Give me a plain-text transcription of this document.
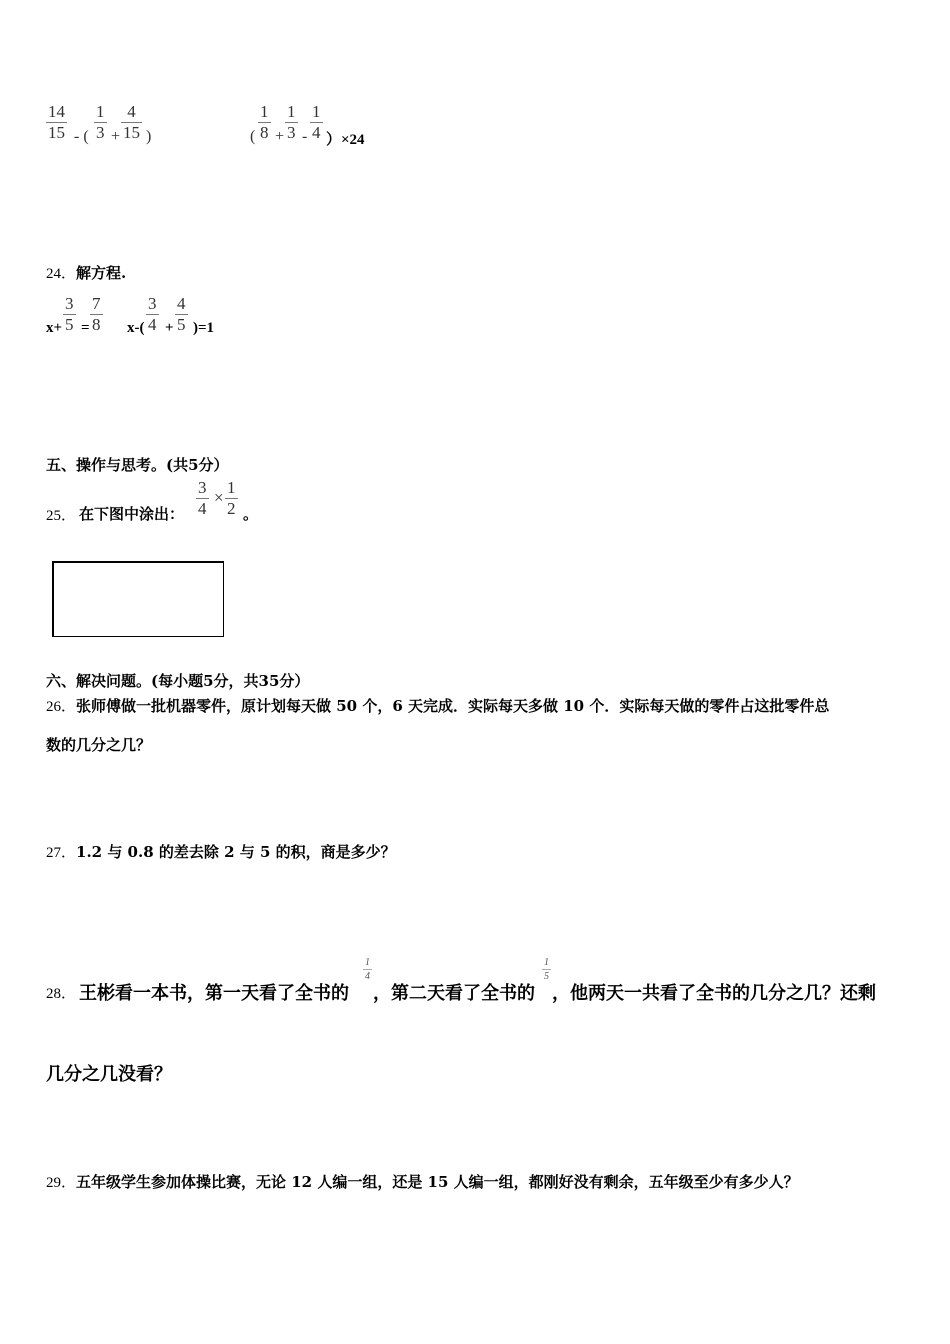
14
15 - (
1
3 +
4
15 )	(
1
8 +
1
3 -
1
4 ）×24
24．解方程.
x+
3
5 =
7
8 x-(
3
4 +
4
5 )=1
五、操作与思考。(共5分）
25． 在下图中涂出：
3
4
×
1
2 。
六、解决问题。(每小题5分，共35分）
26．张师傅做一批机器零件，原计划每天做 50 个，6 天完成．实际每天多做 10 个．实际每天做的零件占这批零件总
数的几分之几？
27．1.2 与 0.8 的差去除 2 与 5 的积，商是多少？
28． 王彬看一本书，第一天看了全书的
1
4
，第二天看了全书的
1
5
，他两天一共看了全书的几分之几？还剩
几分之几没看？
29．五年级学生参加体操比赛，无论 12 人编一组，还是 15 人编一组，都刚好没有剩余，五年级至少有多少人？
